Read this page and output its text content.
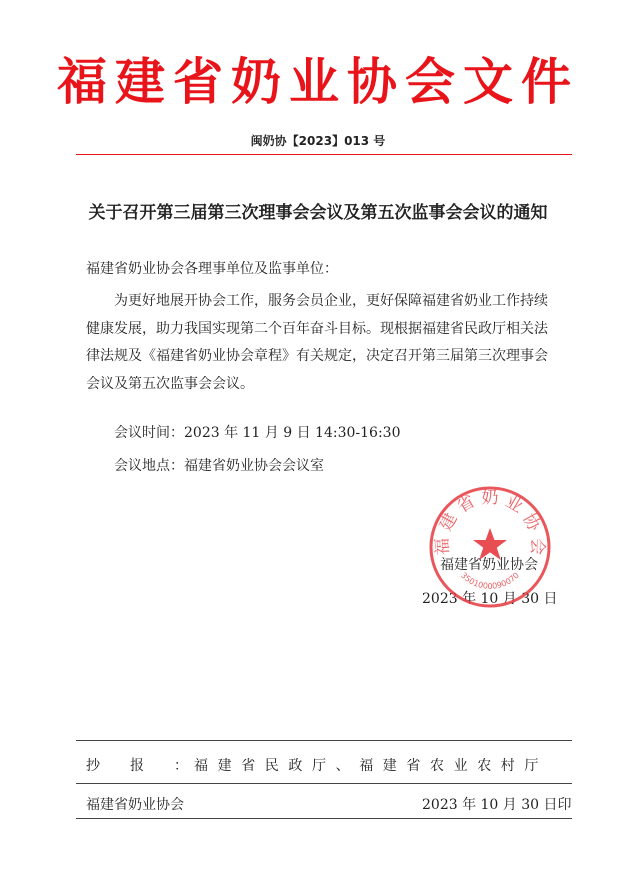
福建省奶业协会文件
闽奶协【2023】013 号
关于召开第三届第三次理事会会议及第五次监事会会议的通知
福建省奶业协会各理事单位及监事单位：
为更好地展开协会工作，服务会员企业，更好保障福建省奶业工作持续健康发展，助力我国实现第二个百年奋斗目标。现根据福建省民政厅相关法律法规及《福建省奶业协会章程》有关规定，决定召开第三届第三次理事会会议及第五次监事会会议。
会议时间：2023 年 11 月 9 日 14:30-16:30
会议地点：福建省奶业协会会议室
福建省奶业协会
2023 年 10 月 30 日
福 建 省 奶 业 协 会
3501000090070
抄报：
福建省民政厅、福建省农业农村厅
福建省奶业协会	2023 年 10 月 30 日印
